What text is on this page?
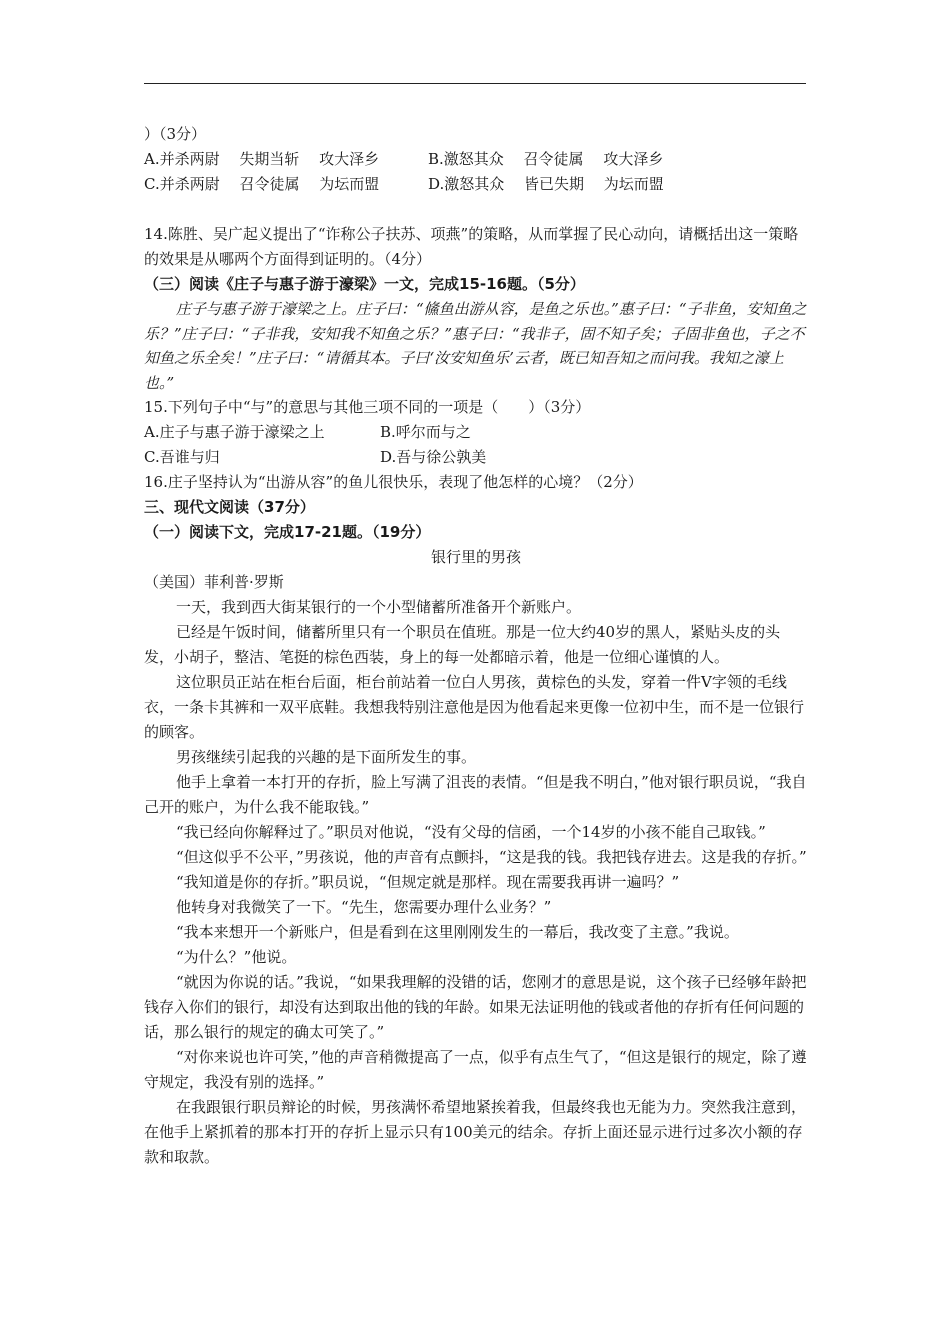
）（3分）
A.并杀两尉　 失期当斩　 攻大泽乡	B.激怒其众　 召令徒属　 攻大泽乡
C.并杀两尉　 召令徒属　 为坛而盟	D.激怒其众　 皆已失期　 为坛而盟
14.陈胜、吴广起义提出了“诈称公子扶苏、项燕”的策略，从而掌握了民心动向，请概括出这一策略的效果是从哪两个方面得到证明的。（4分）
（三）阅读《庄子与惠子游于濠梁》一文，完成15-16题。（5分）
庄子与惠子游于濠梁之上。庄子曰：“鯈鱼出游从容，是鱼之乐也。”惠子曰：“子非鱼，安知鱼之乐？”庄子曰：“子非我，安知我不知鱼之乐？”惠子曰：“我非子，固不知子矣；子固非鱼也，子之不知鱼之乐全矣！”庄子曰：“请循其本。子曰‘汝安知鱼乐’云者，既已知吾知之而问我。我知之濠上也。”
15.下列句子中“与”的意思与其他三项不同的一项是（　　）（3分）
A.庄子与惠子游于濠梁之上	B.呼尔而与之
C.吾谁与归	D.吾与徐公孰美
16.庄子坚持认为“出游从容”的鱼儿很快乐，表现了他怎样的心境？（2分）
三、现代文阅读（37分）
（一）阅读下文，完成17-21题。（19分）
银行里的男孩
（美国）菲利普·罗斯
一天，我到西大街某银行的一个小型储蓄所准备开个新账户。
已经是午饭时间，储蓄所里只有一个职员在值班。那是一位大约40岁的黑人，紧贴头皮的头发，小胡子，整洁、笔挺的棕色西装，身上的每一处都暗示着，他是一位细心谨慎的人。
这位职员正站在柜台后面，柜台前站着一位白人男孩，黄棕色的头发，穿着一件V字领的毛线衣，一条卡其裤和一双平底鞋。我想我特别注意他是因为他看起来更像一位初中生，而不是一位银行的顾客。
男孩继续引起我的兴趣的是下面所发生的事。
他手上拿着一本打开的存折，脸上写满了沮丧的表情。“但是我不明白，”他对银行职员说，“我自己开的账户，为什么我不能取钱。”
“我已经向你解释过了。”职员对他说，“没有父母的信函，一个14岁的小孩不能自己取钱。”
“但这似乎不公平，”男孩说，他的声音有点颤抖，“这是我的钱。我把钱存进去。这是我的存折。”
“我知道是你的存折。”职员说，“但规定就是那样。现在需要我再讲一遍吗？”
他转身对我微笑了一下。“先生，您需要办理什么业务？”
“我本来想开一个新账户，但是看到在这里刚刚发生的一幕后，我改变了主意。”我说。
“为什么？”他说。
“就因为你说的话。”我说，“如果我理解的没错的话，您刚才的意思是说，这个孩子已经够年龄把钱存入你们的银行，却没有达到取出他的钱的年龄。如果无法证明他的钱或者他的存折有任何问题的话，那么银行的规定的确太可笑了。”
“对你来说也许可笑，”他的声音稍微提高了一点，似乎有点生气了，“但这是银行的规定，除了遵守规定，我没有别的选择。”
在我跟银行职员辩论的时候，男孩满怀希望地紧挨着我，但最终我也无能为力。突然我注意到，在他手上紧抓着的那本打开的存折上显示只有100美元的结余。存折上面还显示进行过多次小额的存款和取款。
